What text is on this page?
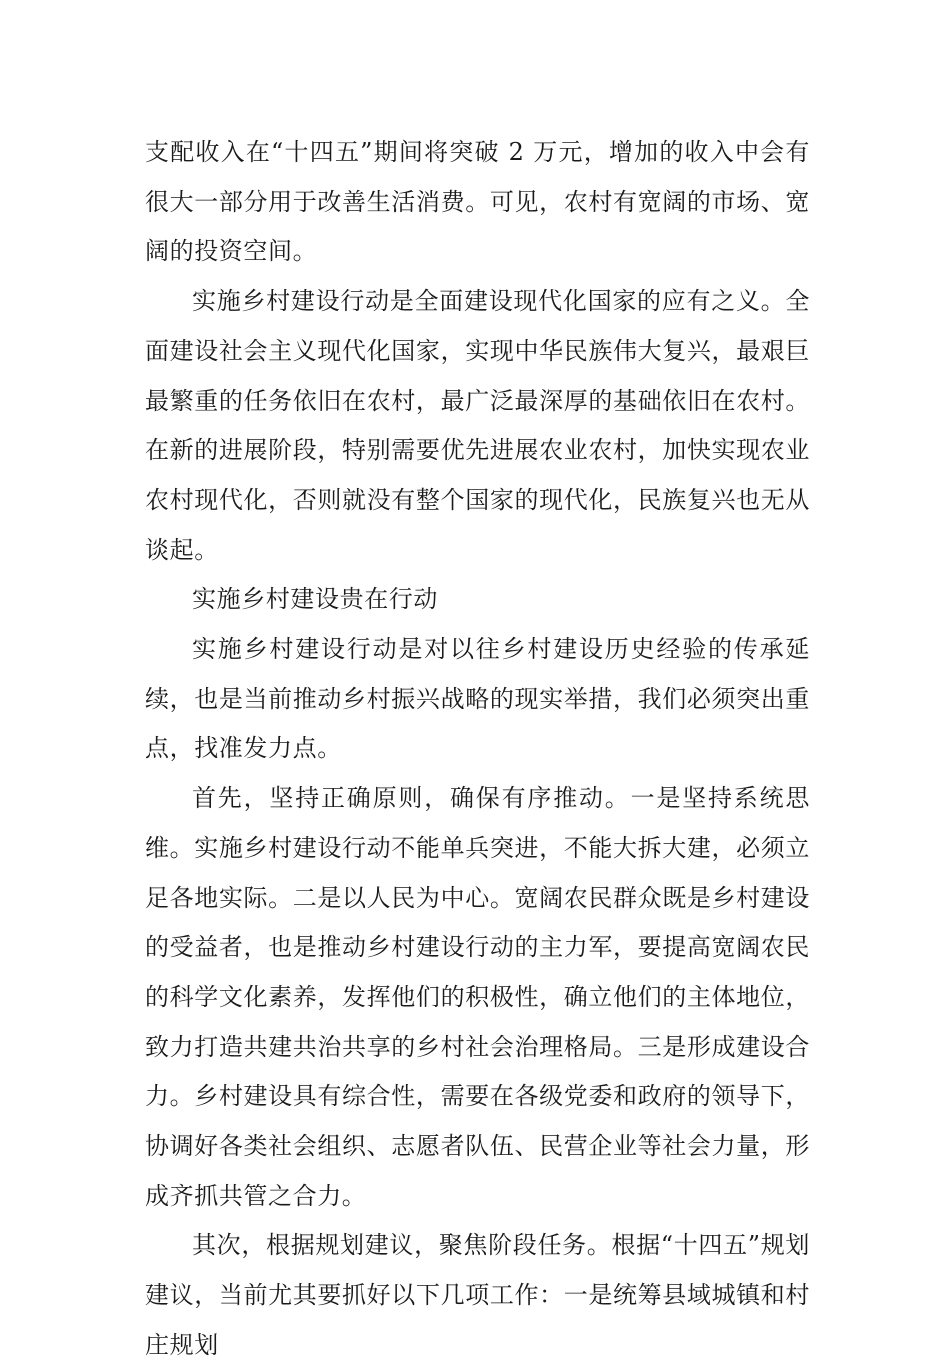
支配收入在“十四五”期间将突破 2 万元，增加的收入中会有很大一部分用于改善生活消费。可见，农村有宽阔的市场、宽阔的投资空间。

实施乡村建设行动是全面建设现代化国家的应有之义。全面建设社会主义现代化国家，实现中华民族伟大复兴，最艰巨最繁重的任务依旧在农村，最广泛最深厚的基础依旧在农村。在新的进展阶段，特别需要优先进展农业农村，加快实现农业农村现代化，否则就没有整个国家的现代化，民族复兴也无从谈起。

实施乡村建设贵在行动

实施乡村建设行动是对以往乡村建设历史经验的传承延续，也是当前推动乡村振兴战略的现实举措，我们必须突出重点，找准发力点。

首先，坚持正确原则，确保有序推动。一是坚持系统思维。实施乡村建设行动不能单兵突进，不能大拆大建，必须立足各地实际。二是以人民为中心。宽阔农民群众既是乡村建设的受益者，也是推动乡村建设行动的主力军，要提高宽阔农民的科学文化素养，发挥他们的积极性，确立他们的主体地位，致力打造共建共治共享的乡村社会治理格局。三是形成建设合力。乡村建设具有综合性，需要在各级党委和政府的领导下，协调好各类社会组织、志愿者队伍、民营企业等社会力量，形成齐抓共管之合力。

其次，根据规划建议，聚焦阶段任务。根据“十四五”规划建议，当前尤其要抓好以下几项工作：一是统筹县域城镇和村庄规划
